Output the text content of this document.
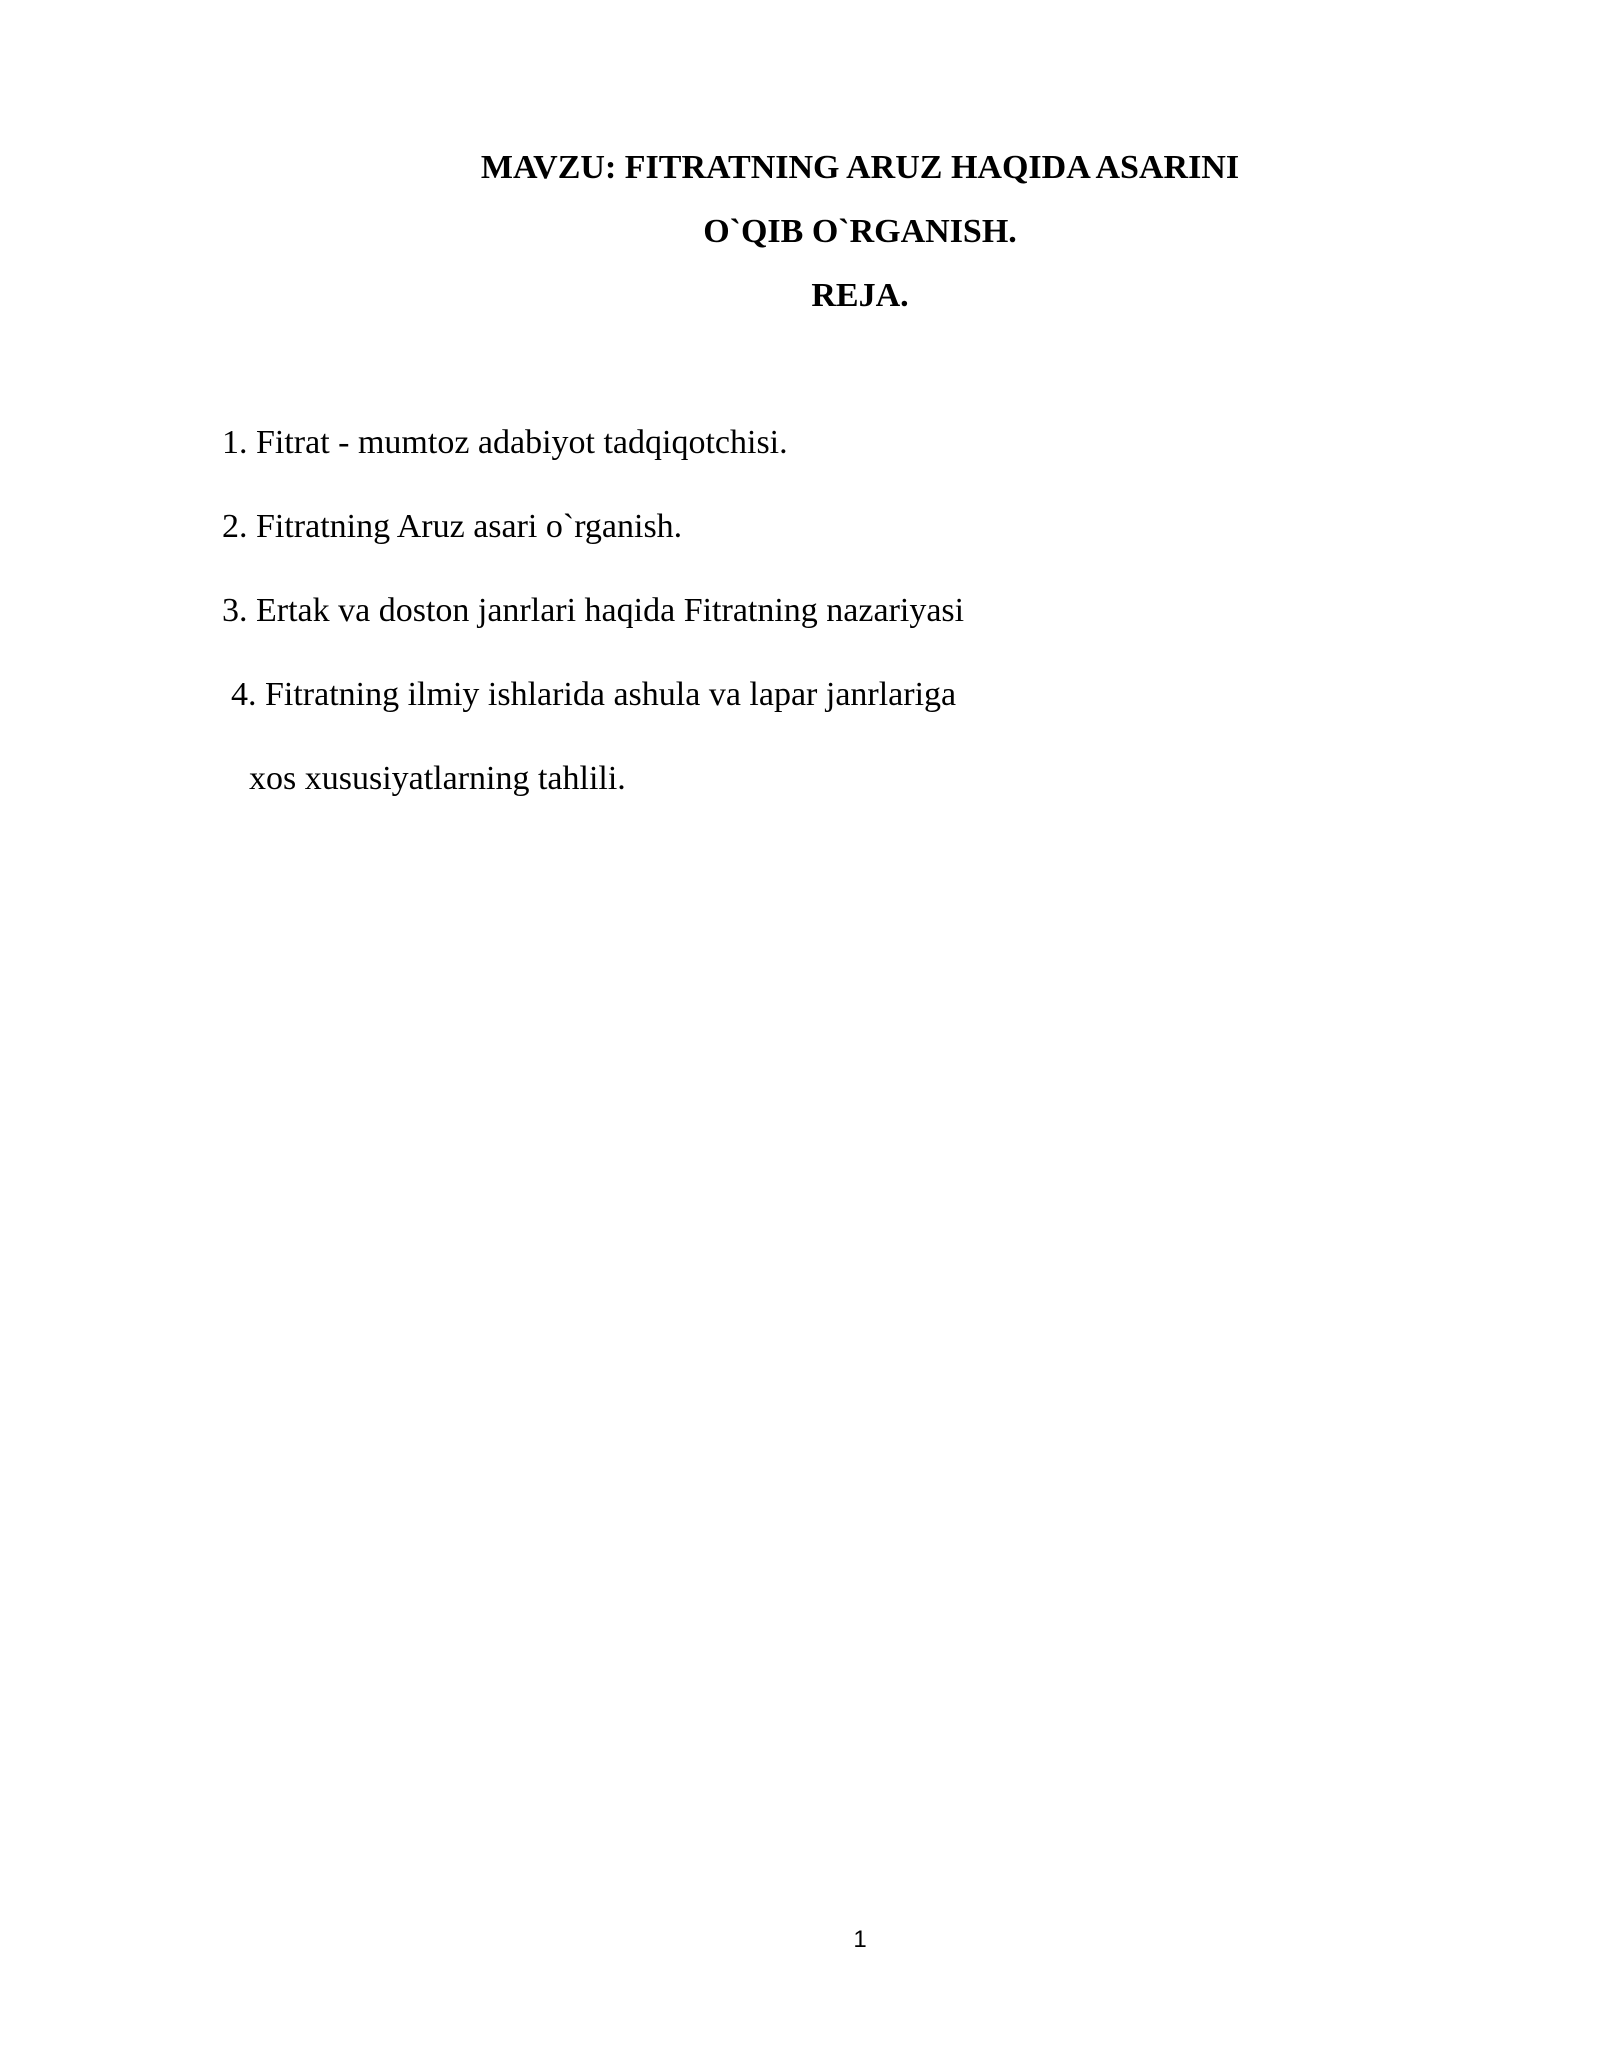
MAVZU: FITRATNING ARUZ HAQIDA ASARINI
O`QIB O`RGANISH.
REJA.
1. Fitrat - mumtoz adabiyot tadqiqotchisi.
2. Fitratning Aruz asari o`rganish.
3. Ertak va doston janrlari haqida Fitratning nazariyasi
4. Fitratning ilmiy ishlarida ashula va lapar janrlariga
xos xususiyatlarning tahlili.
1
